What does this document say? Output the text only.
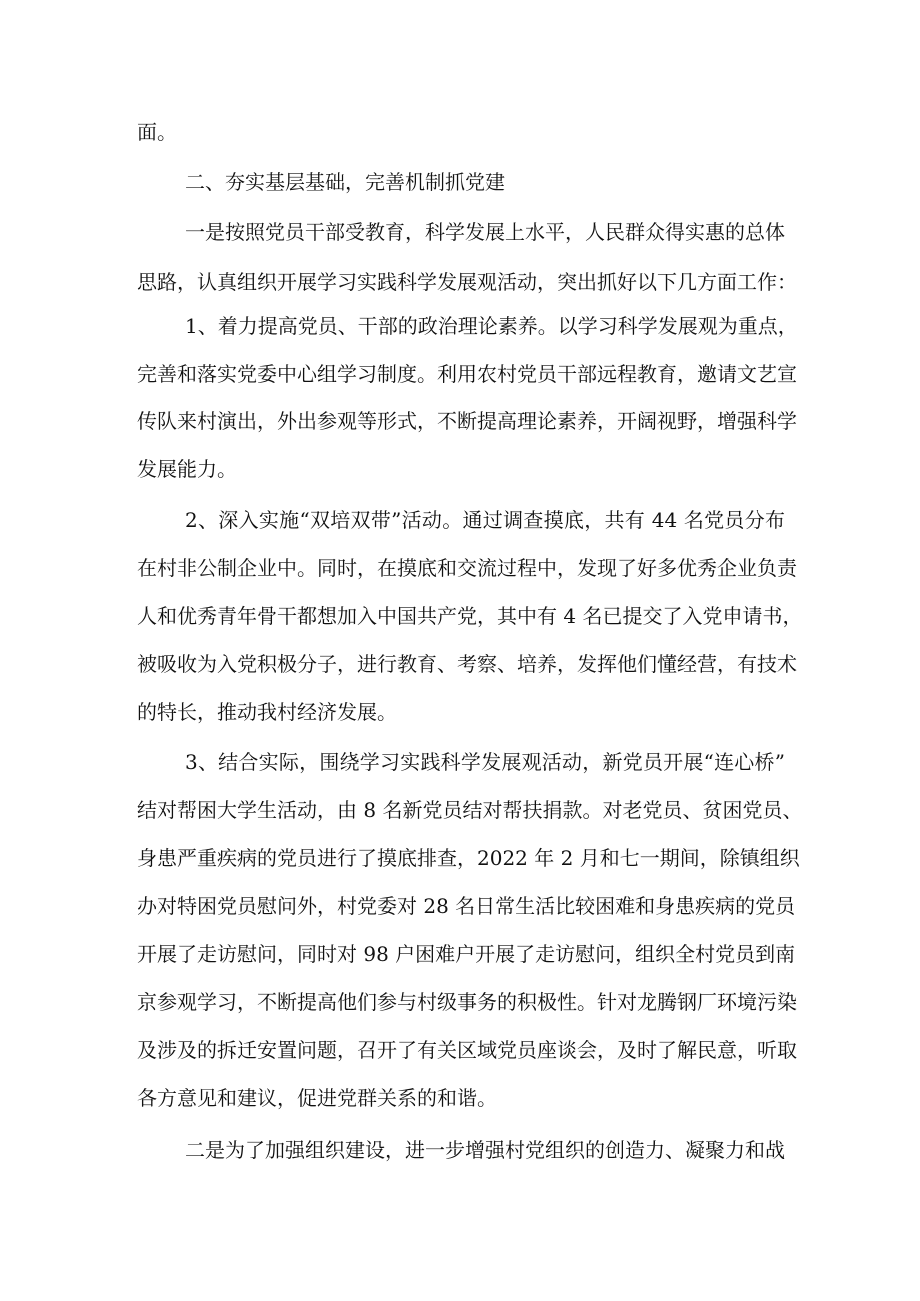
面。
二、夯实基层基础，完善机制抓党建
一是按照党员干部受教育，科学发展上水平，人民群众得实惠的总体
思路，认真组织开展学习实践科学发展观活动，突出抓好以下几方面工作：
1、着力提高党员、干部的政治理论素养。以学习科学发展观为重点，
完善和落实党委中心组学习制度。利用农村党员干部远程教育，邀请文艺宣
传队来村演出，外出参观等形式，不断提高理论素养，开阔视野，增强科学
发展能力。
2、深入实施“双培双带”活动。通过调查摸底，共有 44 名党员分布
在村非公制企业中。同时，在摸底和交流过程中，发现了好多优秀企业负责
人和优秀青年骨干都想加入中国共产党，其中有 4 名已提交了入党申请书，
被吸收为入党积极分子，进行教育、考察、培养，发挥他们懂经营，有技术
的特长，推动我村经济发展。
3、结合实际，围绕学习实践科学发展观活动，新党员开展“连心桥”
结对帮困大学生活动，由 8 名新党员结对帮扶捐款。对老党员、贫困党员、
身患严重疾病的党员进行了摸底排查，2022 年 2 月和七一期间，除镇组织
办对特困党员慰问外，村党委对 28 名日常生活比较困难和身患疾病的党员
开展了走访慰问，同时对 98 户困难户开展了走访慰问，组织全村党员到南
京参观学习，不断提高他们参与村级事务的积极性。针对龙腾钢厂环境污染
及涉及的拆迁安置问题，召开了有关区域党员座谈会，及时了解民意，听取
各方意见和建议，促进党群关系的和谐。
二是为了加强组织建设，进一步增强村党组织的创造力、凝聚力和战
